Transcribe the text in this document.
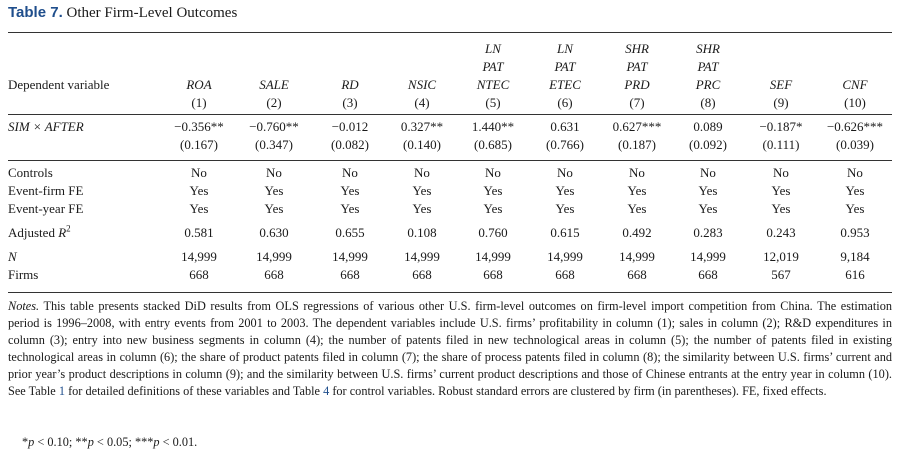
Table 7. Other Firm-Level Outcomes
					LN	LN	SHR	SHR		
					PAT	PAT	PAT	PAT		
Dependent variable	ROA	SALE	RD	NSIC	NTEC	ETEC	PRD	PRC	SEF	CNF
	(1)	(2)	(3)	(4)	(5)	(6)	(7)	(8)	(9)	(10)

SIM × AFTER	−0.356**	−0.760**	−0.012	0.327**	1.440**	0.631	0.627***	0.089	−0.187*	−0.626***
	(0.167)	(0.347)	(0.082)	(0.140)	(0.685)	(0.766)	(0.187)	(0.092)	(0.111)	(0.039)

Controls	No	No	No	No	No	No	No	No	No	No
Event-firm FE	Yes	Yes	Yes	Yes	Yes	Yes	Yes	Yes	Yes	Yes
Event-year FE	Yes	Yes	Yes	Yes	Yes	Yes	Yes	Yes	Yes	Yes

Adjusted $R^2$	0.581	0.630	0.655	0.108	0.760	0.615	0.492	0.283	0.243	0.953

N	14,999	14,999	14,999	14,999	14,999	14,999	14,999	14,999	12,019	9,184
Firms	668	668	668	668	668	668	668	668	567	616
Notes. This table presents stacked DiD results from OLS regressions of various other U.S. firm-level outcomes on firm-level import competition from China. The estimation period is 1996–2008, with entry events from 2001 to 2003. The dependent variables include U.S. firms’ profitability in column (1); sales in column (2); R&D expenditures in column (3); entry into new business segments in column (4); the number of patents filed in new technological areas in column (5); the number of patents filed in existing technological areas in column (6); the share of product patents filed in column (7); the share of process patents filed in column (8); the similarity between U.S. firms’ current and prior year’s product descriptions in column (9); and the similarity between U.S. firms’ current product descriptions and those of Chinese entrants at the entry year in column (10). See Table 1 for detailed definitions of these variables and Table 4 for control variables. Robust standard errors are clustered by firm (in parentheses). FE, fixed effects.
*p < 0.10; **p < 0.05; ***p < 0.01.
